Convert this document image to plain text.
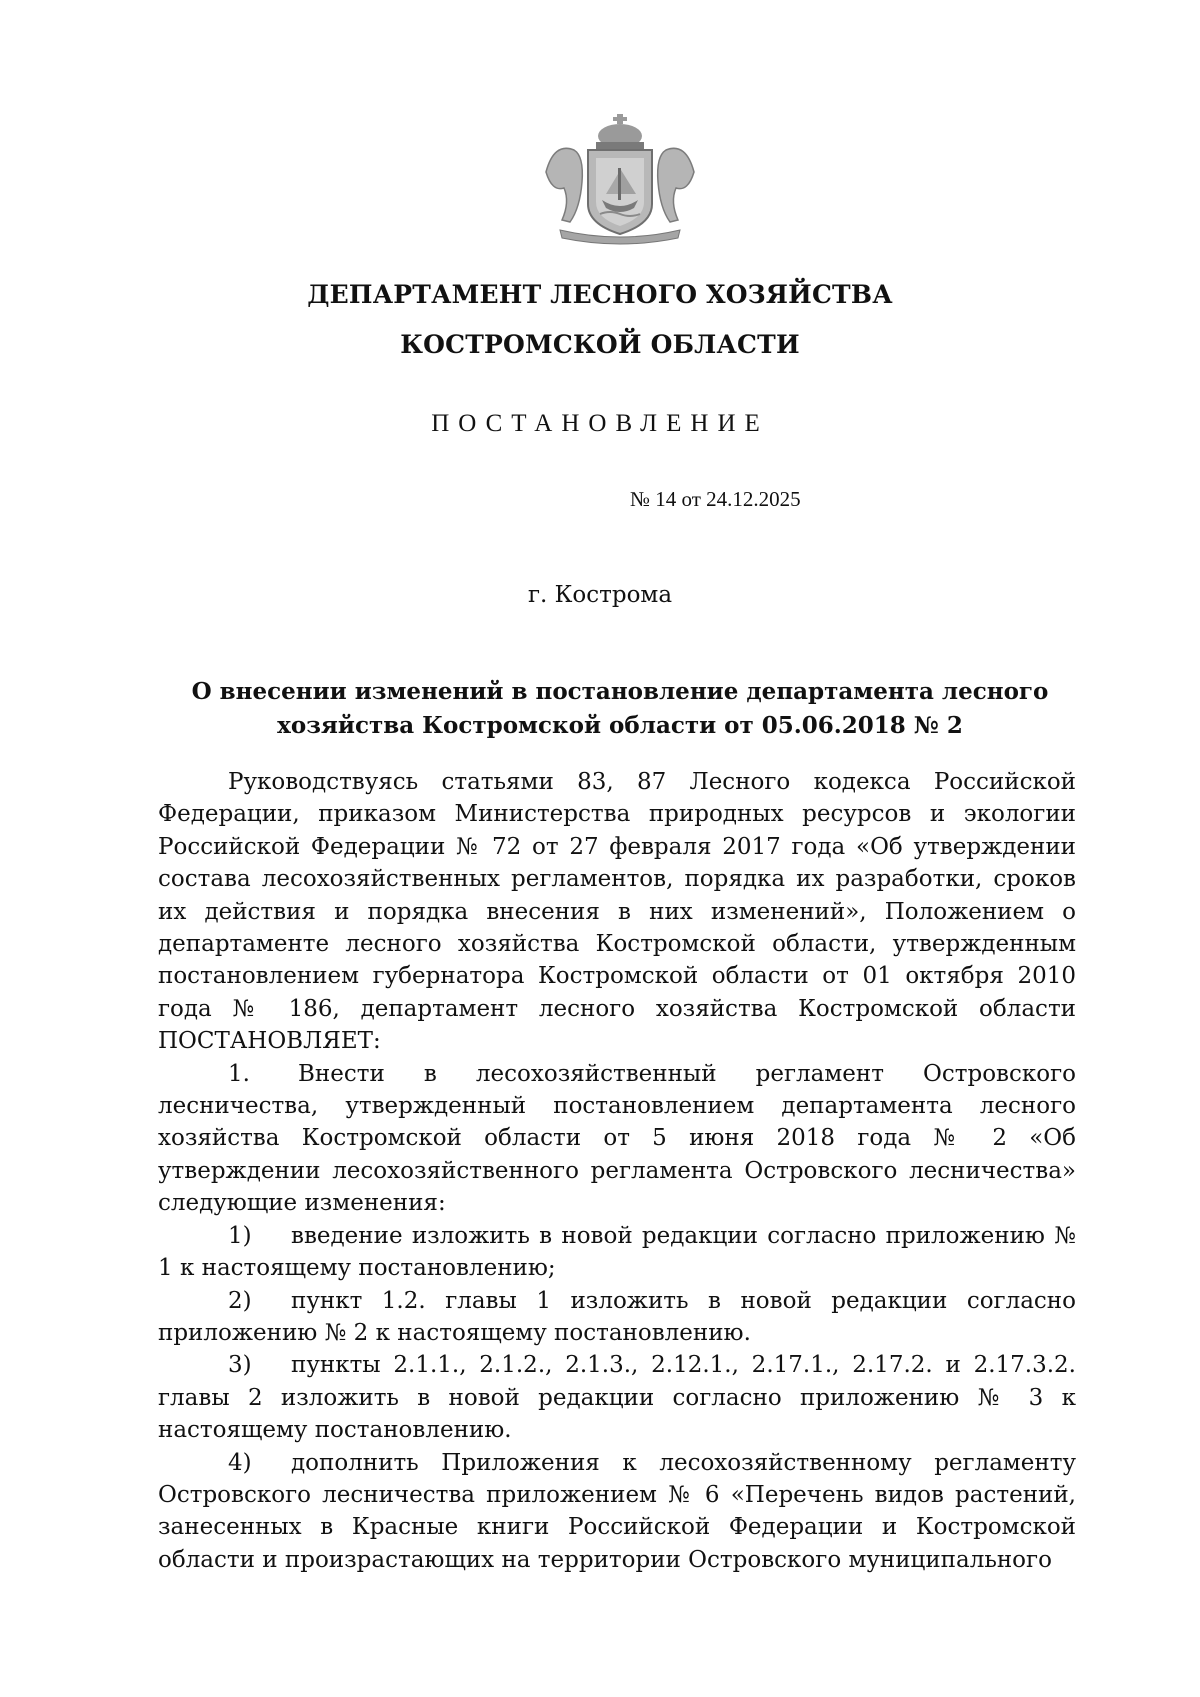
ДЕПАРТАМЕНТ ЛЕСНОГО ХОЗЯЙСТВА
КОСТРОМСКОЙ ОБЛАСТИ
ПОСТАНОВЛЕНИЕ
№ 14 от 24.12.2025
г. Кострома
О внесении изменений в постановление департамента лесного хозяйства Костромской области от 05.06.2018 № 2

Руководствуясь статьями 83, 87 Лесного кодекса Российской Федерации, приказом Министерства природных ресурсов и экологии Российской Федерации № 72 от 27 февраля 2017 года «Об утверждении состава лесохозяйственных регламентов, порядка их разработки, сроков их действия и порядка внесения в них изменений», Положением о департаменте лесного хозяйства Костромской области, утвержденным постановлением губернатора Костромской области от 01 октября 2010 года № 186, департамент лесного хозяйства Костромской области ПОСТАНОВЛЯЕТ:

1. Внести в лесохозяйственный регламент Островского лесничества, утвержденный постановлением департамента лесного хозяйства Костромской области от 5 июня 2018 года № 2 «Об утверждении лесохозяйственного регламента Островского лесничества» следующие изменения:

1) введение изложить в новой редакции согласно приложению № 1 к настоящему постановлению;

2) пункт 1.2. главы 1 изложить в новой редакции согласно приложению № 2 к настоящему постановлению.

3) пункты 2.1.1., 2.1.2., 2.1.3., 2.12.1., 2.17.1., 2.17.2. и 2.17.3.2. главы 2 изложить в новой редакции согласно приложению № 3 к настоящему постановлению.

4) дополнить Приложения к лесохозяйственному регламенту Островского лесничества приложением № 6 «Перечень видов растений, занесенных в Красные книги Российской Федерации и Костромской области и произрастающих на территории Островского муниципального
